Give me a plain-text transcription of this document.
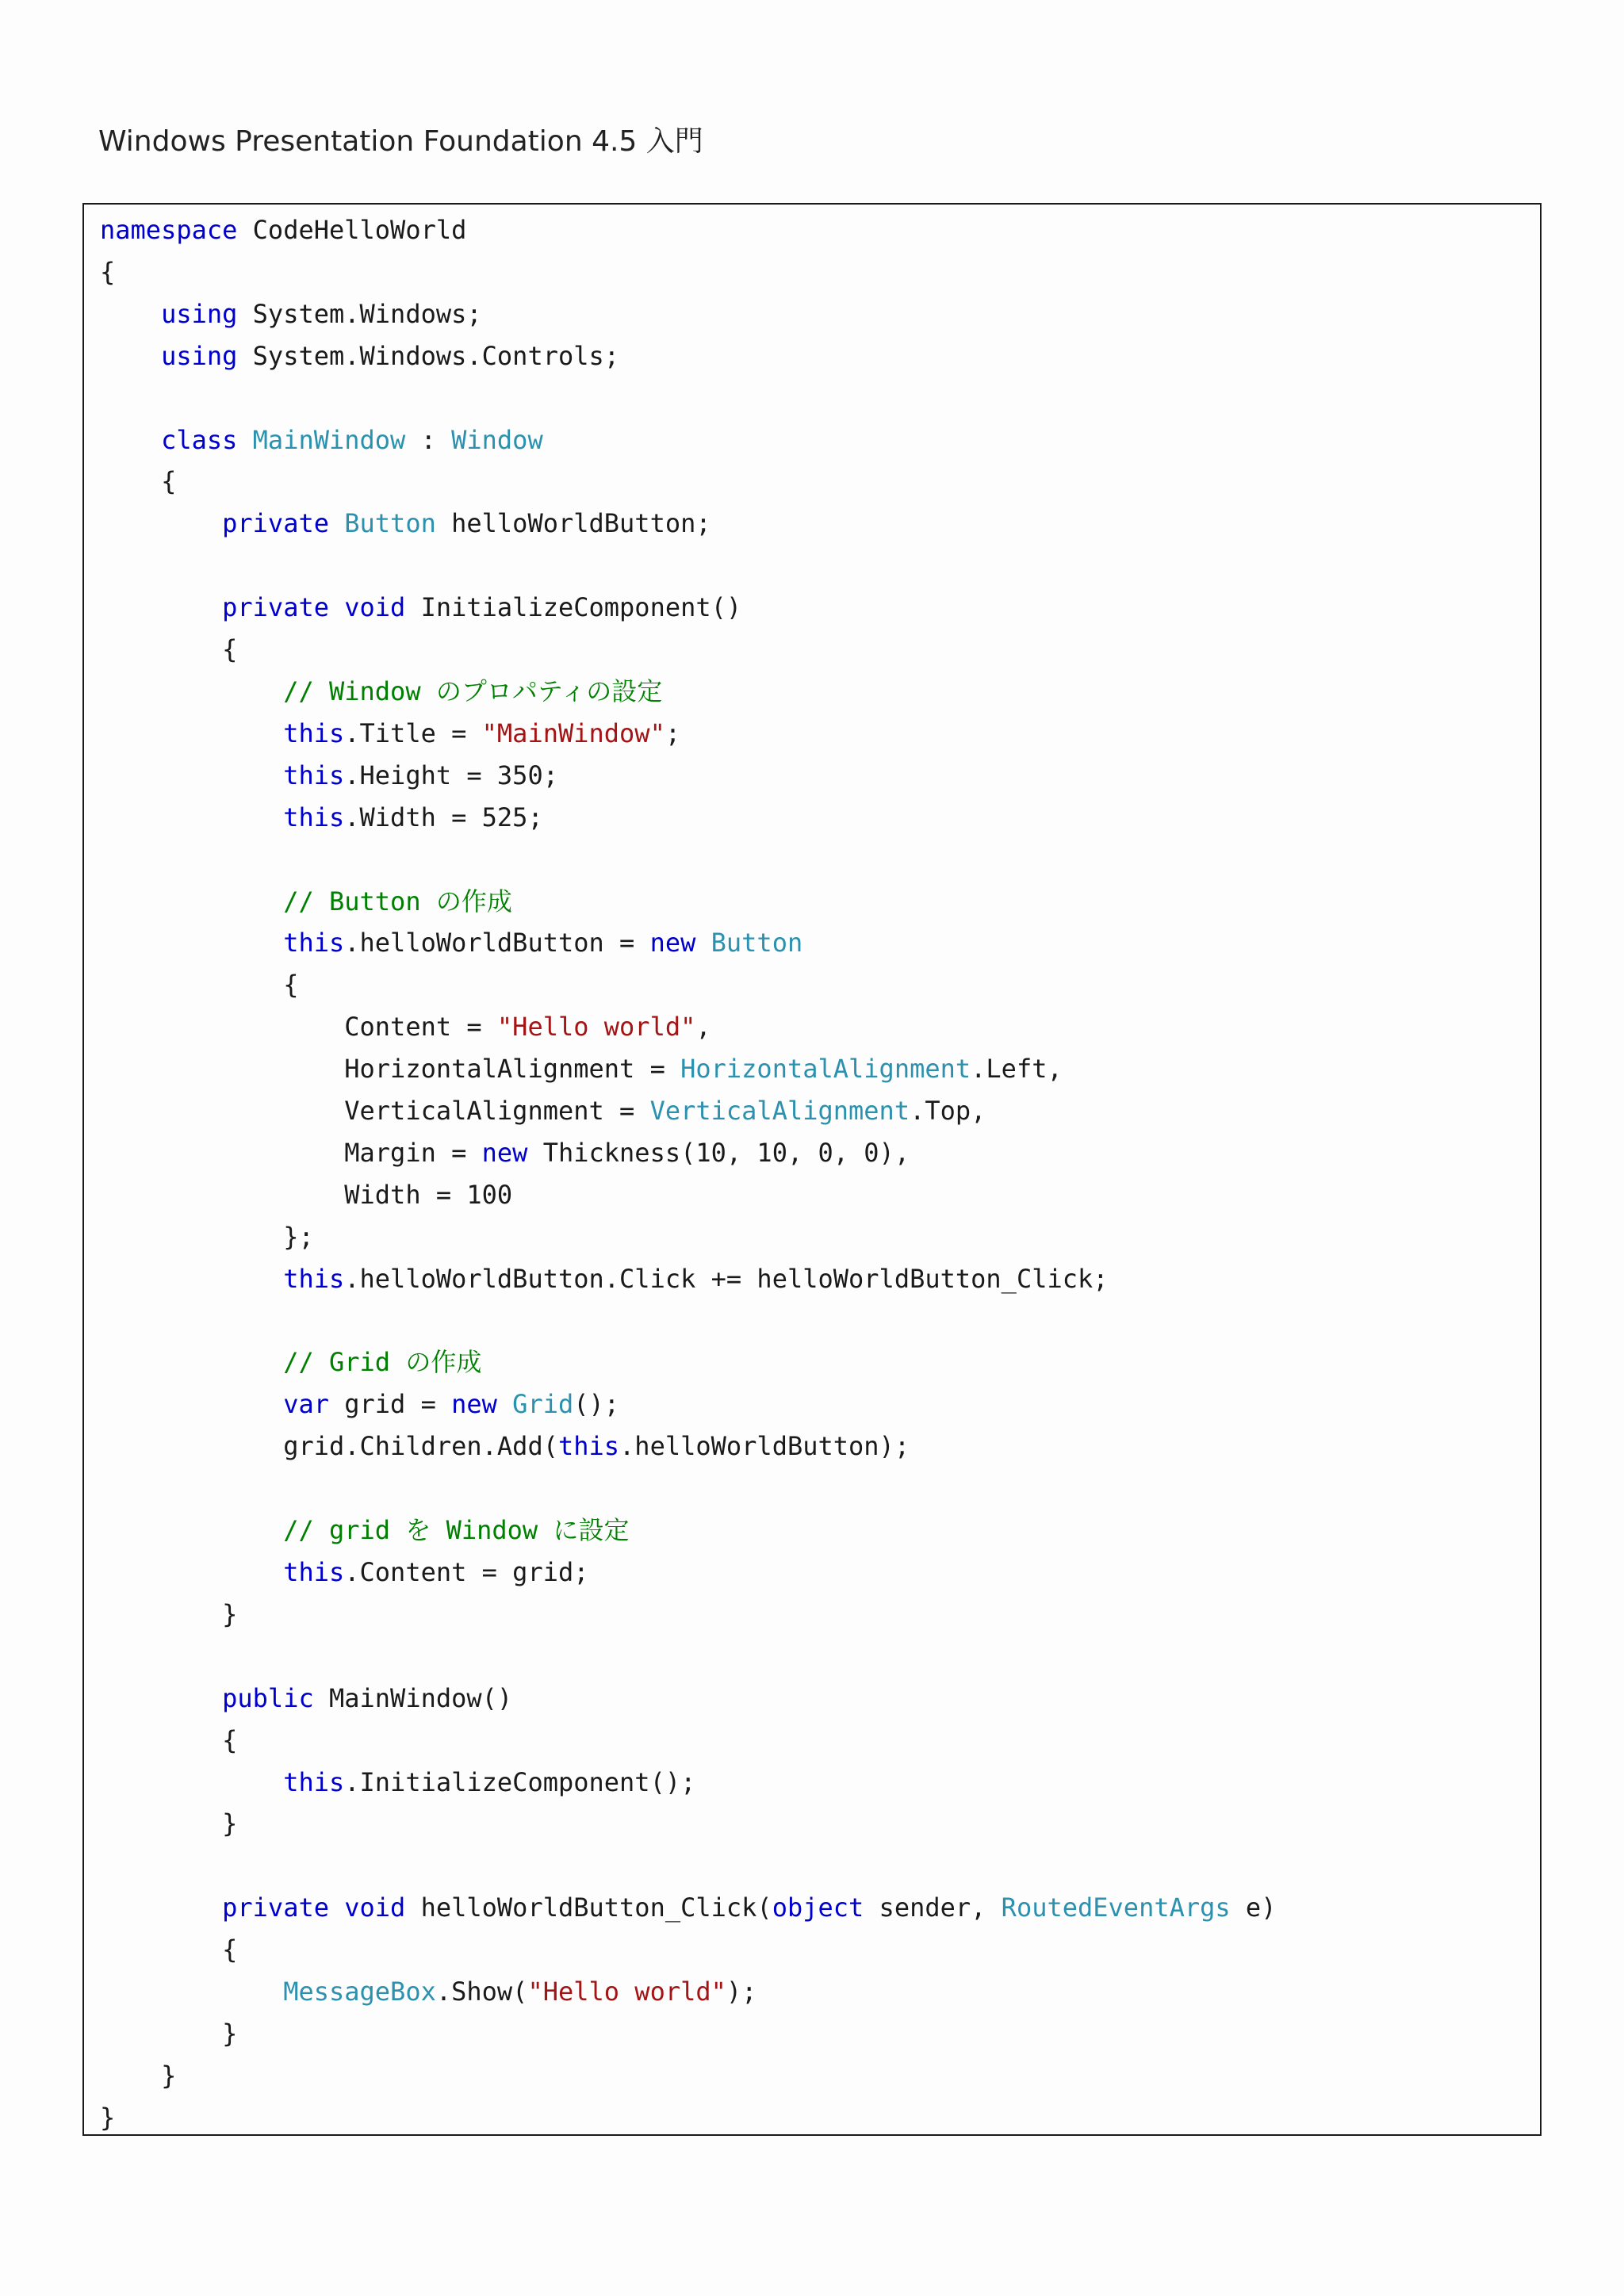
Windows Presentation Foundation 4.5 入門
namespace CodeHelloWorld
{
using System.Windows;
using System.Windows.Controls;

class MainWindow : Window
{
private Button helloWorldButton;

private void InitializeComponent()
{
// Window のプロパティの設定
this.Title = "MainWindow";
this.Height = 350;
this.Width = 525;

// Button の作成
this.helloWorldButton = new Button
{
Content = "Hello world",
HorizontalAlignment = HorizontalAlignment.Left,
VerticalAlignment = VerticalAlignment.Top,
Margin = new Thickness(10, 10, 0, 0),
Width = 100
};
this.helloWorldButton.Click += helloWorldButton_Click;

// Grid の作成
var grid = new Grid();
grid.Children.Add(this.helloWorldButton);

// grid を Window に設定
this.Content = grid;
}

public MainWindow()
{
this.InitializeComponent();
}

private void helloWorldButton_Click(object sender, RoutedEventArgs e)
{
MessageBox.Show("Hello world");
}
}
}
